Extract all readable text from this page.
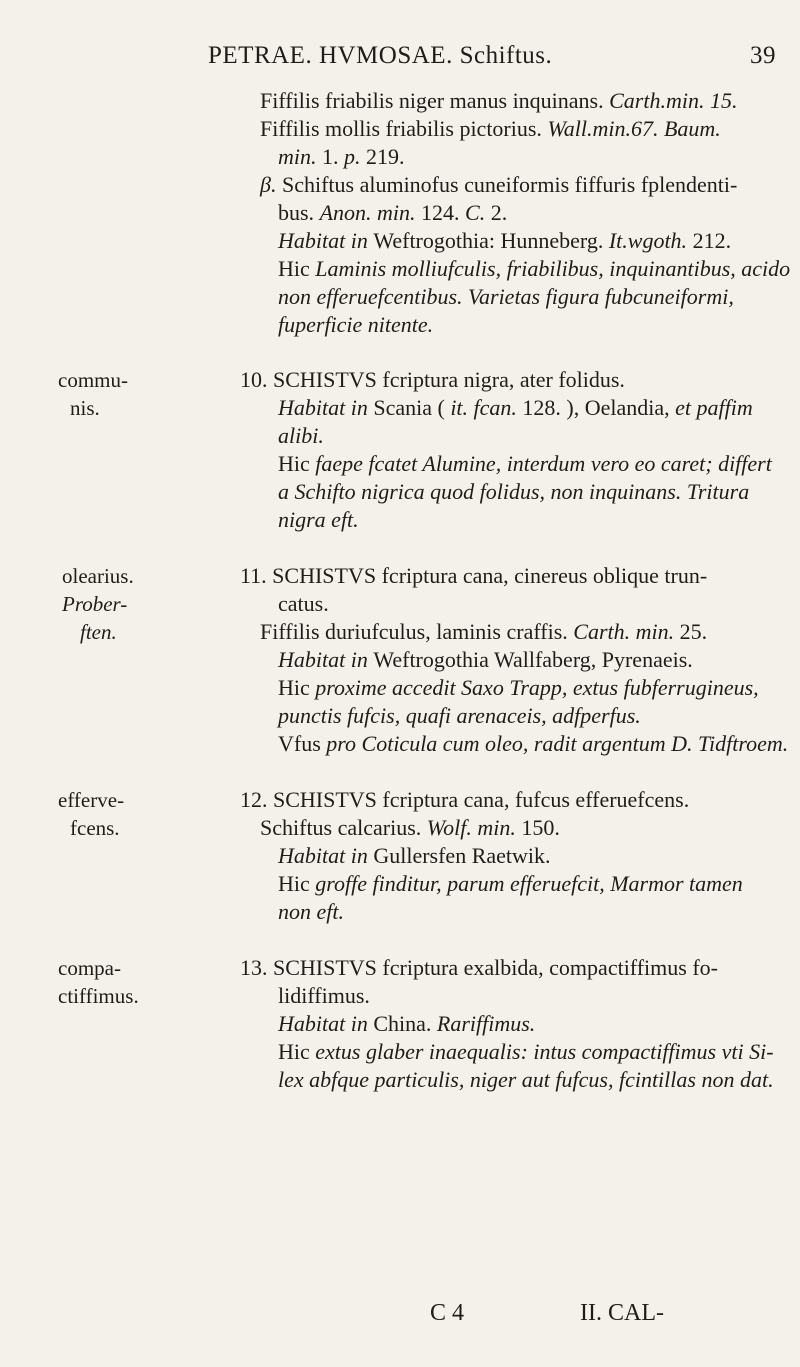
PETRAE. HVMOSAE. Schiftus.	39
Fiffilis friabilis niger manus inquinans. Carth.min. 15.
Fiffilis mollis friabilis pictorius. Wall.min.67. Baum.
min. 1. p. 219.
β. Schiftus aluminofus cuneiformis fiffuris fplendenti-
bus. Anon. min. 124. C. 2.
Habitat in Weftrogothia: Hunneberg. It.wgoth. 212.
Hic Laminis molliufculis, friabilibus, inquinantibus, acido
non efferuefcentibus. Varietas figura fubcuneiformi,
fuperficie nitente.
10. SCHISTVS fcriptura nigra, ater folidus.
Habitat in Scania ( it. fcan. 128. ), Oelandia, et paffim
alibi.
Hic faepe fcatet Alumine, interdum vero eo caret; differt
a Schifto nigrica quod folidus, non inquinans. Tritura
nigra eft.
11. SCHISTVS fcriptura cana, cinereus oblique trun-
catus.
Fiffilis duriufculus, laminis craffis. Carth. min. 25.
Habitat in Weftrogothia Wallfaberg, Pyrenaeis.
Hic proxime accedit Saxo Trapp, extus fubferrugineus,
punctis fufcis, quafi arenaceis, adfperfus.
Vfus pro Coticula cum oleo, radit argentum D. Tidftroem.
12. SCHISTVS fcriptura cana, fufcus efferuefcens.
Schiftus calcarius. Wolf. min. 150.
Habitat in Gullersfen Raetwik.
Hic groffe finditur, parum efferuefcit, Marmor tamen
non eft.
13. SCHISTVS fcriptura exalbida, compactiffimus fo-
lidiffimus.
Habitat in China. Rariffimus.
Hic extus glaber inaequalis: intus compactiffimus vti Si-
lex abfque particulis, niger aut fufcus, fcintillas non dat.
commu-
nis.
olearius.
Prober-
ften.
efferve-
fcens.
compa-
ctiffimus.
C 4	II. CAL-
